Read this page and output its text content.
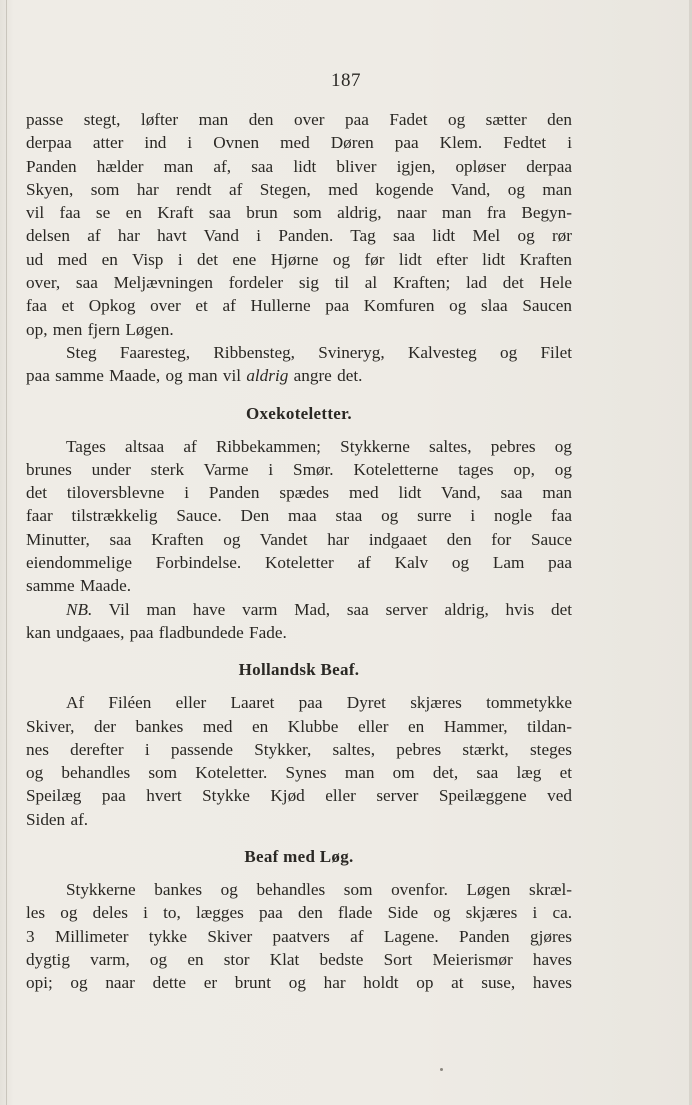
187
passe stegt, løfter man den over paa Fadet og sætter den
derpaa atter ind i Ovnen med Døren paa Klem. Fedtet i
Panden hælder man af, saa lidt bliver igjen, opløser derpaa
Skyen, som har rendt af Stegen, med kogende Vand, og man
vil faa se en Kraft saa brun som aldrig, naar man fra Begyn-
delsen af har havt Vand i Panden. Tag saa lidt Mel og rør
ud med en Visp i det ene Hjørne og før lidt efter lidt Kraften
over, saa Meljævningen fordeler sig til al Kraften; lad det Hele
faa et Opkog over et af Hullerne paa Komfuren og slaa Saucen
op, men fjern Løgen.
Steg Faaresteg, Ribbensteg, Svineryg, Kalvesteg og Filet
paa samme Maade, og man vil aldrig angre det.
Oxekoteletter.
Tages altsaa af Ribbekammen; Stykkerne saltes, pebres og
brunes under sterk Varme i Smør. Koteletterne tages op, og
det tiloversblevne i Panden spædes med lidt Vand, saa man
faar tilstrækkelig Sauce. Den maa staa og surre i nogle faa
Minutter, saa Kraften og Vandet har indgaaet den for Sauce
eiendommelige Forbindelse. Koteletter af Kalv og Lam paa
samme Maade.
NB. Vil man have varm Mad, saa server aldrig, hvis det
kan undgaaes, paa fladbundede Fade.
Hollandsk Beaf.
Af Filéen eller Laaret paa Dyret skjæres tommetykke
Skiver, der bankes med en Klubbe eller en Hammer, tildan-
nes derefter i passende Stykker, saltes, pebres stærkt, steges
og behandles som Koteletter. Synes man om det, saa læg et
Speilæg paa hvert Stykke Kjød eller server Speilæggene ved
Siden af.
Beaf med Løg.
Stykkerne bankes og behandles som ovenfor. Løgen skræl-
les og deles i to, lægges paa den flade Side og skjæres i ca.
3 Millimeter tykke Skiver paatvers af Lagene. Panden gjøres
dygtig varm, og en stor Klat bedste Sort Meierismør haves
opi; og naar dette er brunt og har holdt op at suse, haves
